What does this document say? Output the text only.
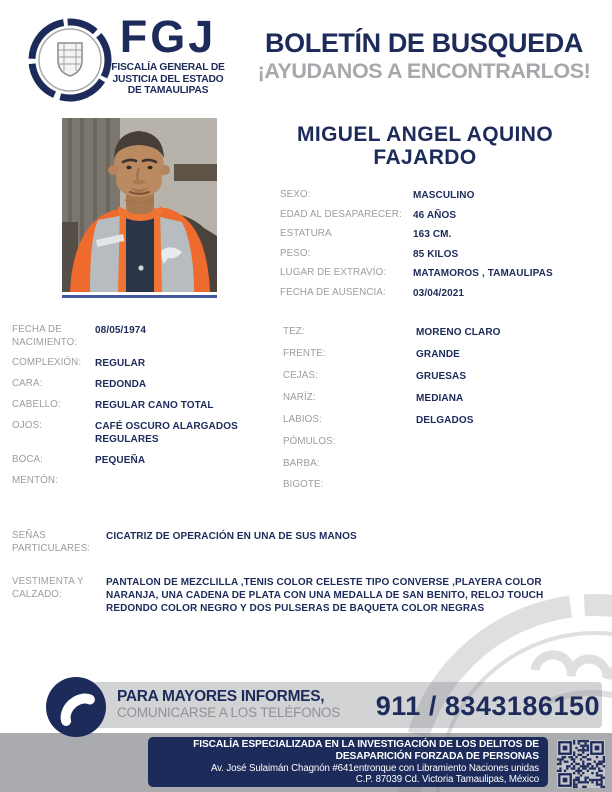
FGJ
FISCALÍA GENERAL DE
JUSTICIA DEL ESTADO
DE TAMAULIPAS
BOLETÍN DE BUSQUEDA
¡AYUDANOS A ENCONTRARLOS!
MIGUEL ANGEL AQUINO
FAJARDO
SEXO:	MASCULINO
EDAD AL DESAPARECER:	46 AÑOS
ESTATURA	163 CM.
PESO:	85 KILOS
LUGAR DE EXTRAVÍO:	MATAMOROS , TAMAULIPAS
FECHA DE AUSENCIA:	03/04/2021
FECHA DE NACIMIENTO:
08/05/1974
COMPLEXIÓN:	REGULAR
CARA:	REDONDA
CABELLO:	REGULAR CANO TOTAL
OJOS:	CAFÉ OSCURO ALARGADOS REGULARES
BOCA:	PEQUEÑA
MENTÓN:
TEZ:	MORENO CLARO
FRENTE:	GRANDE
CEJAS:	GRUESAS
NARÍZ:	MEDIANA
LABIOS:	DELGADOS
PÓMULOS:
BARBA:
BIGOTE:
SEÑAS PARTICULARES:
CICATRIZ DE OPERACIÓN EN UNA DE SUS MANOS
VESTIMENTA Y CALZADO:
PANTALON DE MEZCLILLA ,TENIS COLOR CELESTE TIPO CONVERSE ,PLAYERA COLOR NARANJA, UNA CADENA DE PLATA CON UNA MEDALLA DE SAN BENITO, RELOJ TOUCH REDONDO COLOR NEGRO Y DOS PULSERAS DE BAQUETA COLOR NEGRAS
PARA MAYORES INFORMES,
COMUNICARSE A LOS TELÉFONOS	911 / 8343186150
FISCALÍA ESPECIALIZADA EN LA INVESTIGACIÓN DE LOS DELITOS DE
DESAPARICIÓN FORZADA DE PERSONAS
Av. José Sulaimán Chagnón #641entronque con Libramiento Naciones unidas
C.P. 87039 Cd. Victoria Tamaulipas, México
